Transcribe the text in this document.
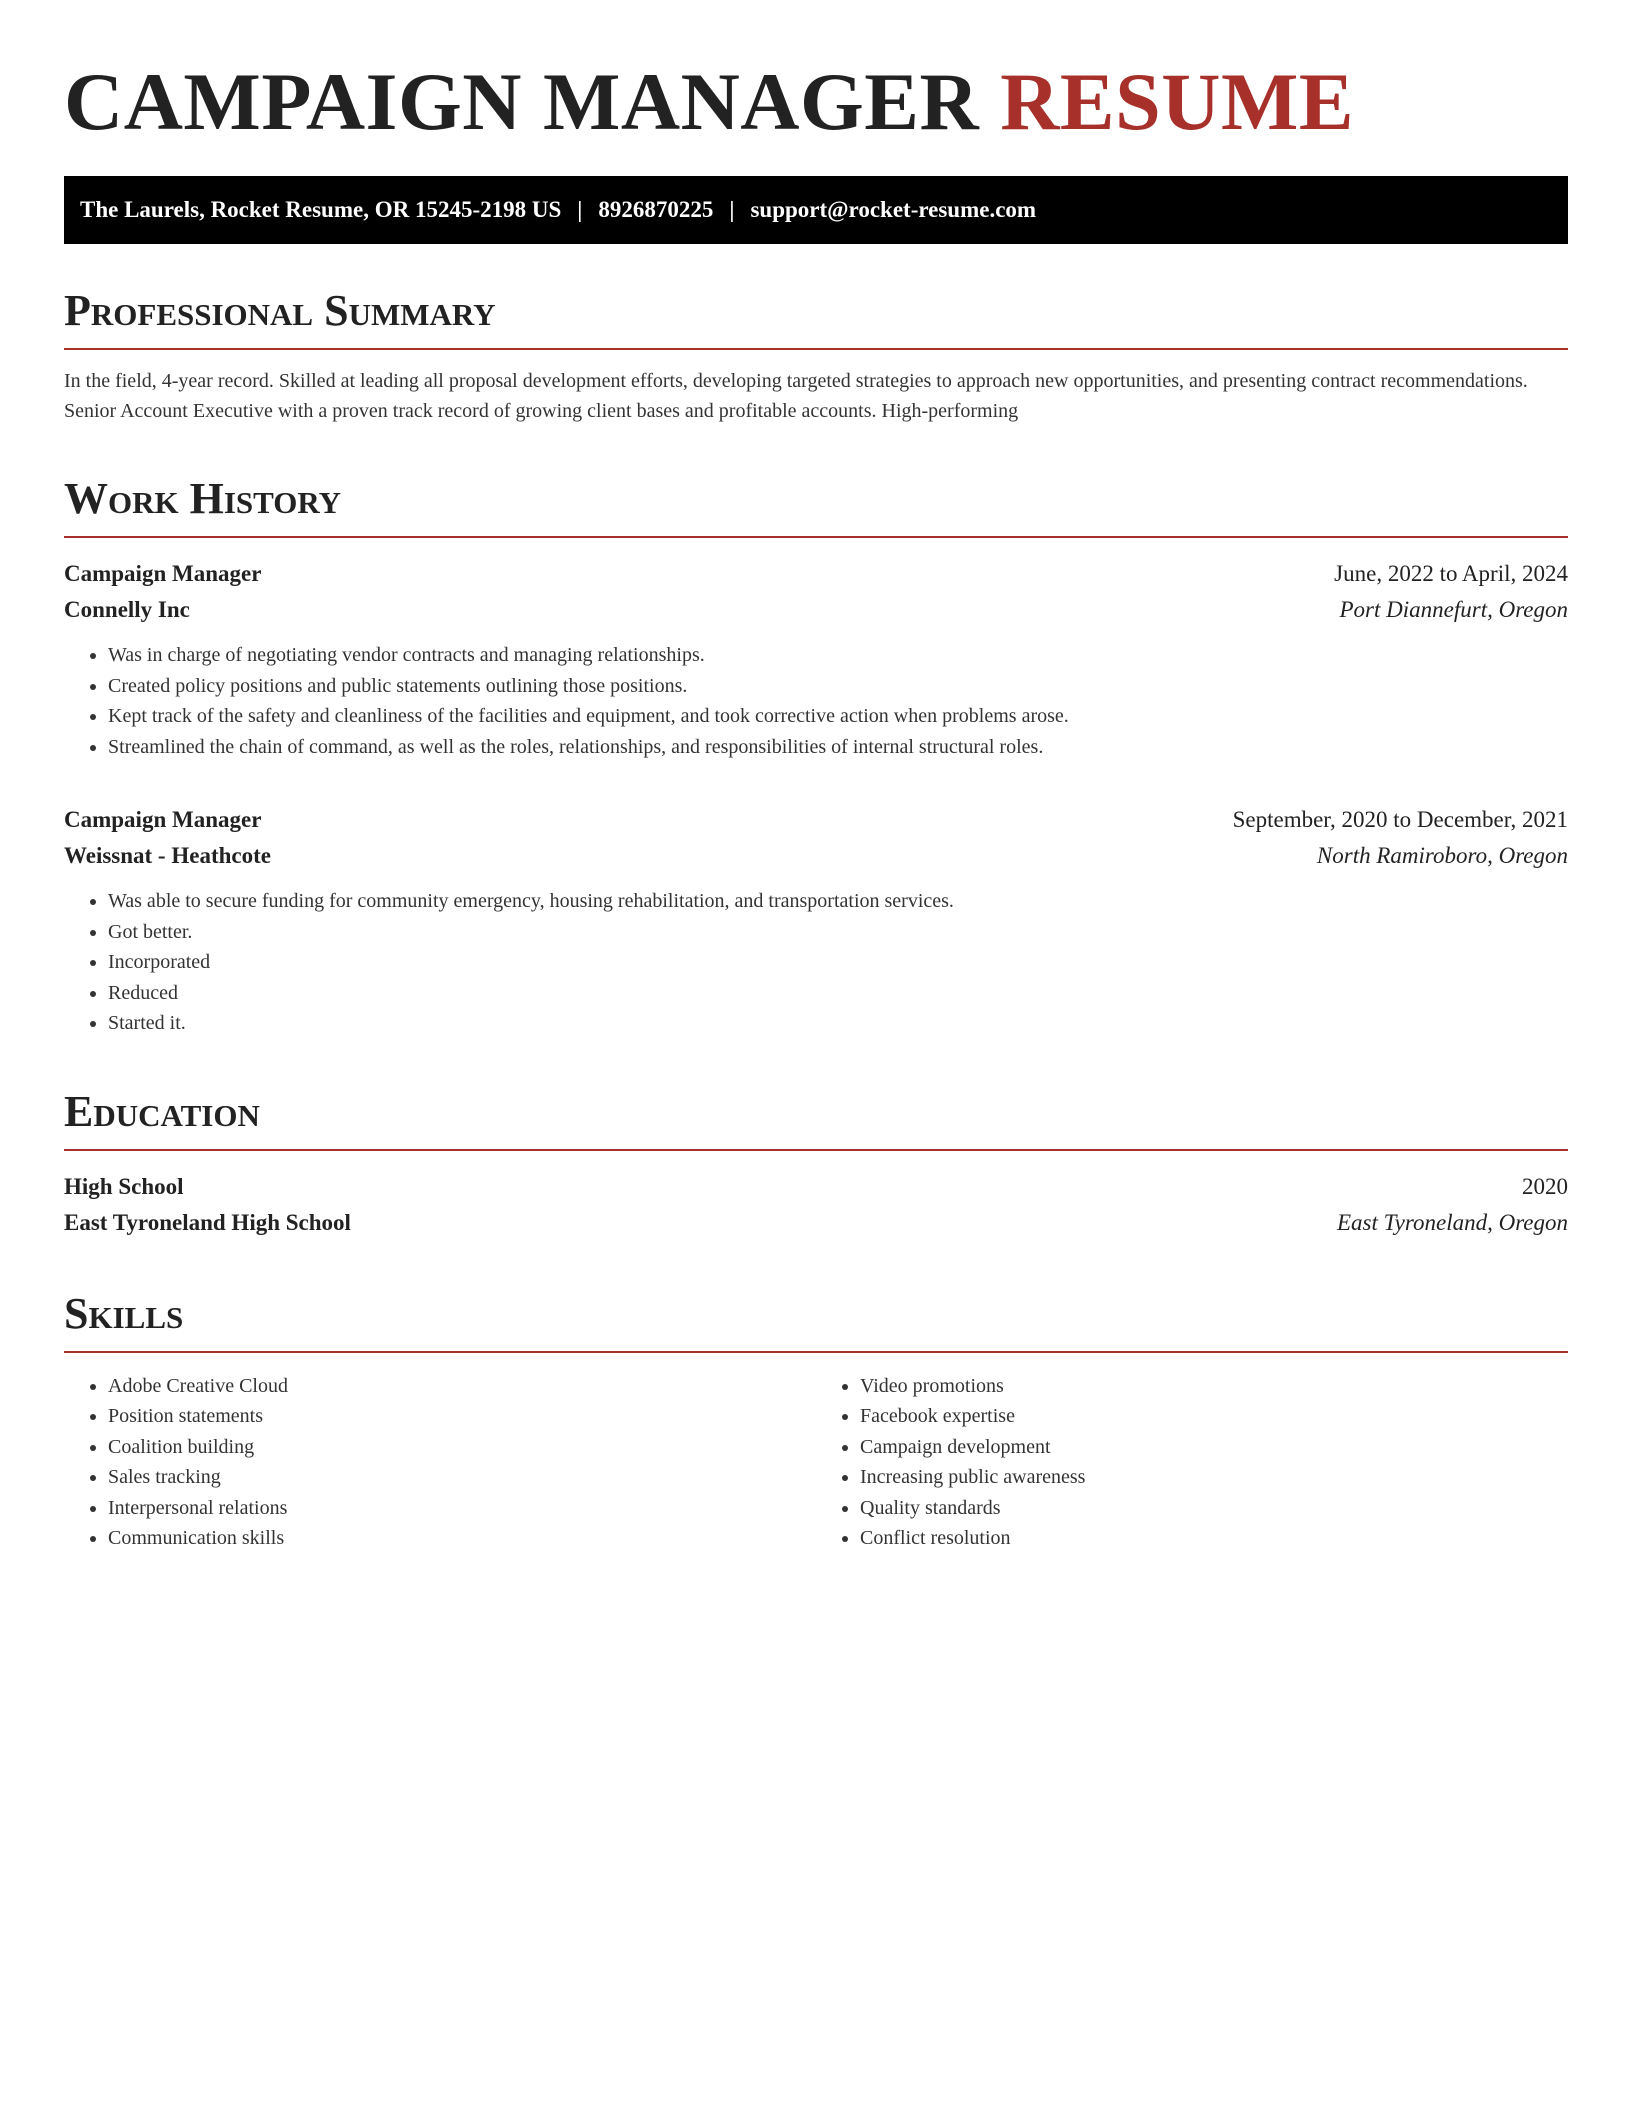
CAMPAIGN MANAGER RESUME
The Laurels, Rocket Resume, OR 15245-2198 US | 8926870225 | support@rocket-resume.com
Professional Summary

In the field, 4-year record. Skilled at leading all proposal development efforts, developing targeted strategies to approach new opportunities, and presenting contract recommendations. Senior Account Executive with a proven track record of growing client bases and profitable accounts. High-performing

Work History
Campaign Manager	June, 2022 to April, 2024
Connelly Inc	Port Diannefurt, Oregon
• Was in charge of negotiating vendor contracts and managing relationships.
• Created policy positions and public statements outlining those positions.
• Kept track of the safety and cleanliness of the facilities and equipment, and took corrective action when problems arose.
• Streamlined the chain of command, as well as the roles, relationships, and responsibilities of internal structural roles.
Campaign Manager	September, 2020 to December, 2021
Weissnat - Heathcote	North Ramiroboro, Oregon
• Was able to secure funding for community emergency, housing rehabilitation, and transportation services.
• Got better.
• Incorporated
• Reduced
• Started it.
Education
High School	2020
East Tyroneland High School	East Tyroneland, Oregon
Skills
• Adobe Creative Cloud
• Position statements
• Coalition building
• Sales tracking
• Interpersonal relations
• Communication skills
• Video promotions
• Facebook expertise
• Campaign development
• Increasing public awareness
• Quality standards
• Conflict resolution
